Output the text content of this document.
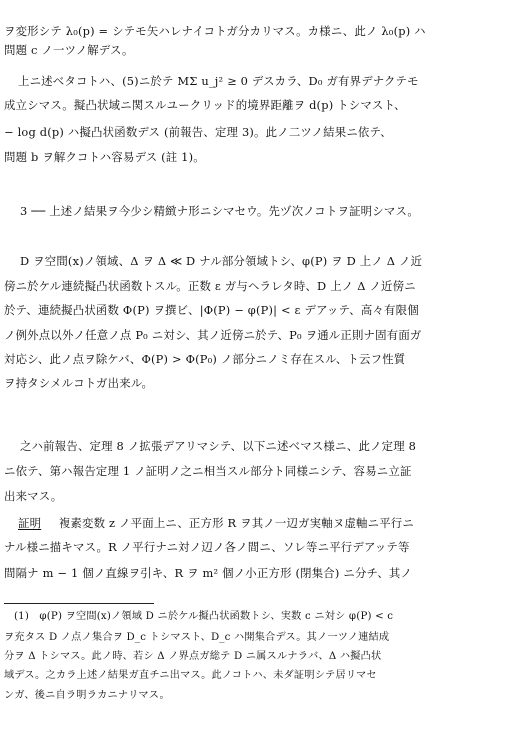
ヲ変形シテ λ₀(p) = シテモ矢ハレナイコトガ分カリマス。カ様ニ、此ノ λ₀(p) ハ
問題 c ノ一ツノ解デス。
上ニ述ベタコトハ、(5)ニ於テ MΣ u_j² ≥ 0 デスカラ、D₀ ガ有界デナクテモ
成立シマス。擬凸状域ニ関スルユークリッド的境界距離ヲ d(p) トシマスト、
− log d(p) ハ擬凸状函数デス (前報告、定理 3)。此ノ二ツノ結果ニ依テ、
問題 b ヲ解クコトハ容易デス (註 1)。
3 ── 上述ノ結果ヲ今少シ精緻ナ形ニシマセウ。先ヅ次ノコトヲ証明シマス。
D ヲ空間(x)ノ領域、Δ ヲ Δ ≪ D ナル部分領域トシ、φ(P) ヲ D 上ノ Δ ノ近
傍ニ於ケル連続擬凸状函数トスル。正数 ε ガ与ヘラレタ時、D 上ノ Δ ノ近傍ニ
於テ、連続擬凸状函数 Φ(P) ヲ撰ビ、|Φ(P) − φ(P)| < ε デアッテ、高々有限個
ノ例外点以外ノ任意ノ点 P₀ ニ対シ、其ノ近傍ニ於テ、P₀ ヲ通ル正則ナ固有面ガ
対応シ、此ノ点ヲ除ケバ、Φ(P) > Φ(P₀) ノ部分ニノミ存在スル、ト云フ性質
ヲ持タシメルコトガ出来ル。
之ハ前報告、定理 8 ノ拡張デアリマシテ、以下ニ述ベマス様ニ、此ノ定理 8
ニ依テ、第ハ報告定理 1 ノ証明ノ之ニ相当スル部分ト同様ニシテ、容易ニ立証
出来マス。
証明 複素変数 z ノ平面上ニ、正方形 R ヲ其ノ一辺ガ実軸ヌ虚軸ニ平行ニ
ナル様ニ描キマス。R ノ平行ナニ対ノ辺ノ各ノ間ニ、ソレ等ニ平行デアッテ等
間隔ナ m − 1 個ノ直線ヲ引キ、R ヲ m² 個ノ小正方形 (閉集合) ニ分チ、其ノ
(1)　φ(P) ヲ空間(x)ノ領域 D ニ於ケル擬凸状函数トシ、実数 c ニ対シ φ(P) < c
ヲ充タス D ノ点ノ集合ヲ D_c トシマスト、D_c ハ開集合デス。其ノ一ツノ連結成
分ヲ Δ トシマス。此ノ時、若シ Δ ノ界点ガ総テ D ニ属スルナラバ、Δ ハ擬凸状
域デス。之カラ上述ノ結果ガ直チニ出マス。此ノコトハ、未ダ証明シテ居リマセ
ンガ、後ニ自ラ明ラカニナリマス。
